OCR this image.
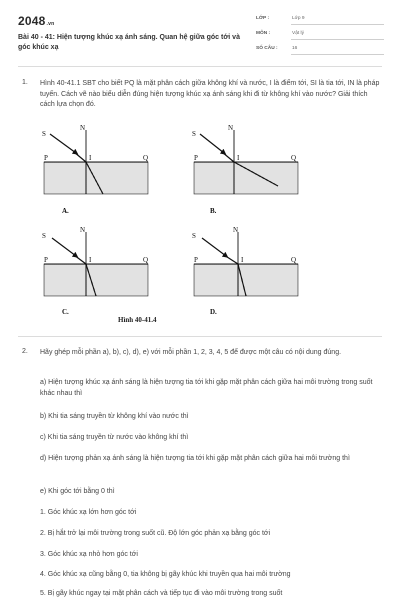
2048.vn
Bài 40 - 41: Hiện tượng khúc xạ ánh sáng. Quan hệ giữa góc tới và góc khúc xạ
LỚP :	Lớp 9
MÔN :	Vật lý
SỐ CÂU :	16
1. Hình 40-41.1 SBT cho biết PQ là mặt phân cách giữa không khí và nước, I là điểm tới, SI là tia tới, IN là pháp tuyến. Cách vẽ nào biểu diễn đúng hiện tượng khúc xạ ánh sáng khi đi từ không khí vào nước? Giải thích cách lựa chọn đó.
S
N
P	I	Q
A.
S
N
P	I	Q
B.
S
N
P	I	Q
C.
S
N
P	I	Q
D.
Hình 40-41.4
2. Hãy ghép mỗi phần a), b), c), d), e) với mỗi phần 1, 2, 3, 4, 5 để được một câu có nội dung đúng.
a) Hiện tượng khúc xạ ánh sáng là hiện tượng tia tới khi gặp mặt phân cách giữa hai môi trường trong suốt khác nhau thì
b) Khi tia sáng truyền từ không khí vào nước thì
c) Khi tia sáng truyền từ nước vào không khí thì
d) Hiện tượng phản xạ ánh sáng là hiện tượng tia tới khi gặp mặt phân cách giữa hai môi trường thì
e) Khi góc tới bằng 0 thì
1. Góc khúc xạ lớn hơn góc tới
2. Bị hắt trở lại môi trường trong suốt cũ. Độ lớn góc phản xạ bằng góc tới
3. Góc khúc xạ nhỏ hơn góc tới
4. Góc khúc xạ cũng bằng 0, tia không bị gãy khúc khi truyền qua hai môi trường
5. Bị gãy khúc ngay tại mặt phân cách và tiếp tục đi vào môi trường trong suốt
